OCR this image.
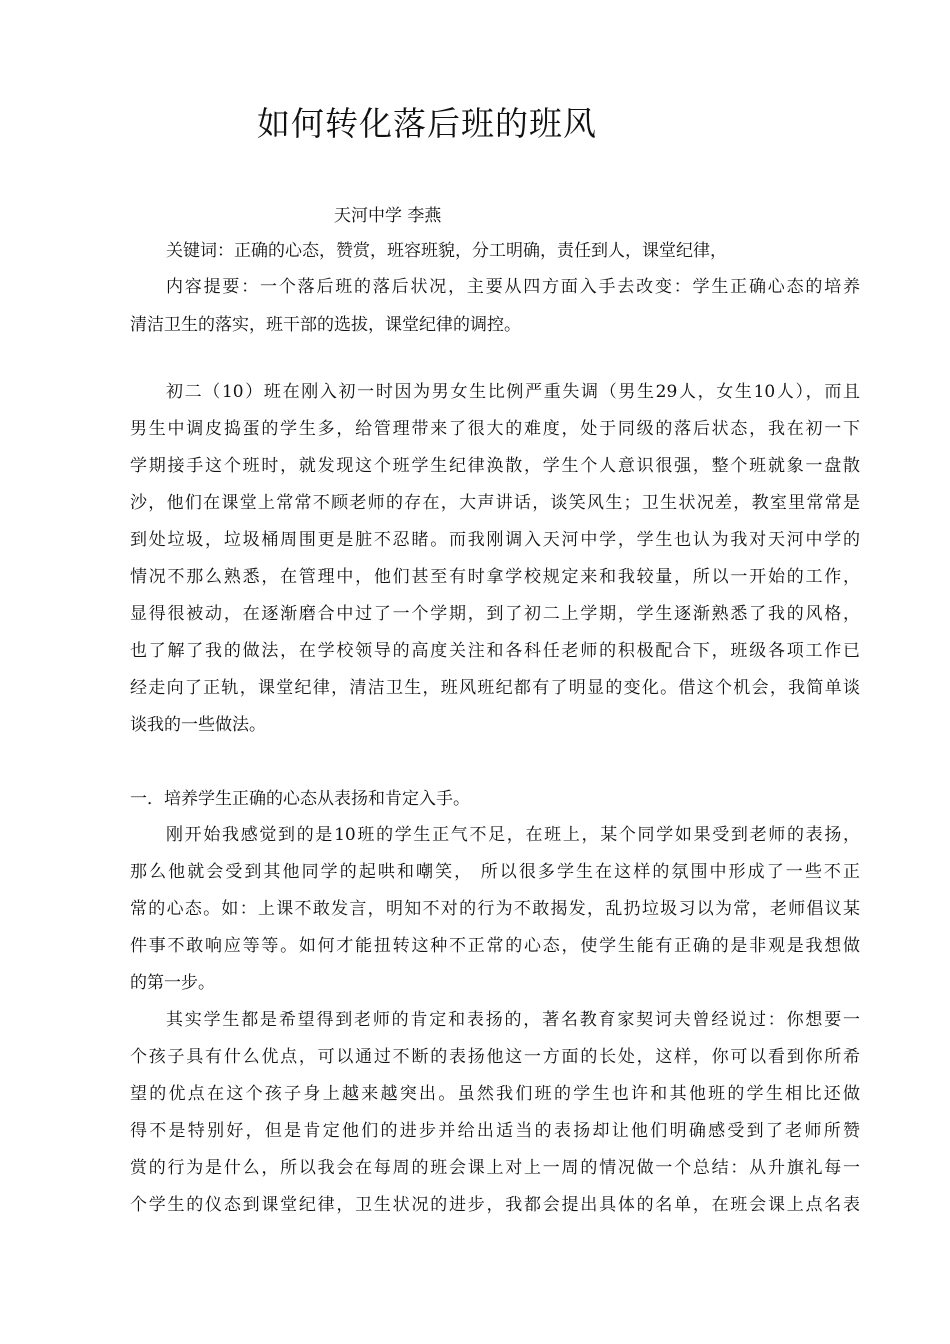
如何转化落后班的班风
天河中学 李燕
关键词：正确的心态，赞赏，班容班貌，分工明确，责任到人，课堂纪律，
内容提要：一个落后班的落后状况，主要从四方面入手去改变：学生正确心态的培养
清洁卫生的落实，班干部的选拔，课堂纪律的调控。
初二（10）班在刚入初一时因为男女生比例严重失调（男生29人，女生10人），而且
男生中调皮捣蛋的学生多，给管理带来了很大的难度，处于同级的落后状态，我在初一下
学期接手这个班时，就发现这个班学生纪律涣散，学生个人意识很强，整个班就象一盘散
沙，他们在课堂上常常不顾老师的存在，大声讲话，谈笑风生；卫生状况差，教室里常常是
到处垃圾，垃圾桶周围更是脏不忍睹。而我刚调入天河中学，学生也认为我对天河中学的
情况不那么熟悉，在管理中，他们甚至有时拿学校规定来和我较量，所以一开始的工作，
显得很被动，在逐渐磨合中过了一个学期，到了初二上学期，学生逐渐熟悉了我的风格，
也了解了我的做法，在学校领导的高度关注和各科任老师的积极配合下，班级各项工作已
经走向了正轨，课堂纪律，清洁卫生，班风班纪都有了明显的变化。借这个机会，我简单谈
谈我的一些做法。
一．培养学生正确的心态从表扬和肯定入手。
刚开始我感觉到的是10班的学生正气不足，在班上，某个同学如果受到老师的表扬，
那么他就会受到其他同学的起哄和嘲笑， 所以很多学生在这样的氛围中形成了一些不正
常的心态。如：上课不敢发言，明知不对的行为不敢揭发，乱扔垃圾习以为常，老师倡议某
件事不敢响应等等。如何才能扭转这种不正常的心态，使学生能有正确的是非观是我想做
的第一步。
其实学生都是希望得到老师的肯定和表扬的，著名教育家契诃夫曾经说过：你想要一
个孩子具有什么优点，可以通过不断的表扬他这一方面的长处，这样，你可以看到你所希
望的优点在这个孩子身上越来越突出。虽然我们班的学生也许和其他班的学生相比还做
得不是特别好，但是肯定他们的进步并给出适当的表扬却让他们明确感受到了老师所赞
赏的行为是什么，所以我会在每周的班会课上对上一周的情况做一个总结：从升旗礼每一
个学生的仪态到课堂纪律，卫生状况的进步，我都会提出具体的名单，在班会课上点名表
